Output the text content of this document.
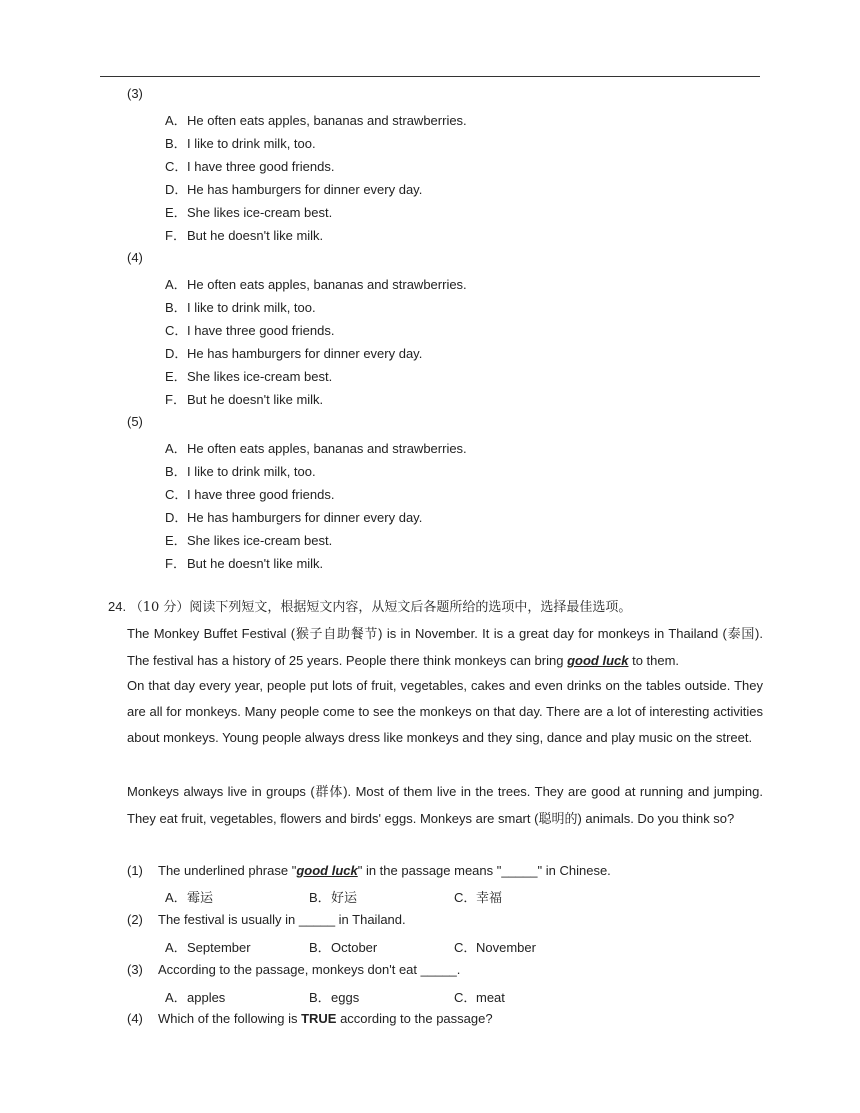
(3)
A．He often eats apples, bananas and strawberries.
B．I like to drink milk, too.
C．I have three good friends.
D．He has hamburgers for dinner every day.
E．She likes ice-cream best.
F．But he doesn't like milk.
(4)
A．He often eats apples, bananas and strawberries.
B．I like to drink milk, too.
C．I have three good friends.
D．He has hamburgers for dinner every day.
E．She likes ice-cream best.
F．But he doesn't like milk.
(5)
A．He often eats apples, bananas and strawberries.
B．I like to drink milk, too.
C．I have three good friends.
D．He has hamburgers for dinner every day.
E．She likes ice-cream best.
F．But he doesn't like milk.
24. （10 分）阅读下列短文，根据短文内容，从短文后各题所给的选项中，选择最佳选项。
The Monkey Buffet Festival (猴子自助餐节) is in November. It is a great day for monkeys in Thailand (泰国). The festival has a history of 25 years. People there think monkeys can bring good luck to them.
On that day every year, people put lots of fruit, vegetables, cakes and even drinks on the tables outside. They are all for monkeys. Many people come to see the monkeys on that day. There are a lot of interesting activities about monkeys. Young people always dress like monkeys and they sing, dance and play music on the street.
Monkeys always live in groups (群体). Most of them live in the trees. They are good at running and jumping. They eat fruit, vegetables, flowers and birds' eggs. Monkeys are smart (聪明的) animals. Do you think so?
(1) The underlined phrase "good luck" in the passage means "_____" in Chinese.
A．霉运	B．好运	C．幸福
(2) The festival is usually in _____ in Thailand.
A．September	B．October	C．November
(3) According to the passage, monkeys don't eat _____.
A．apples	B．eggs	C．meat
(4) Which of the following is TRUE according to the passage?
